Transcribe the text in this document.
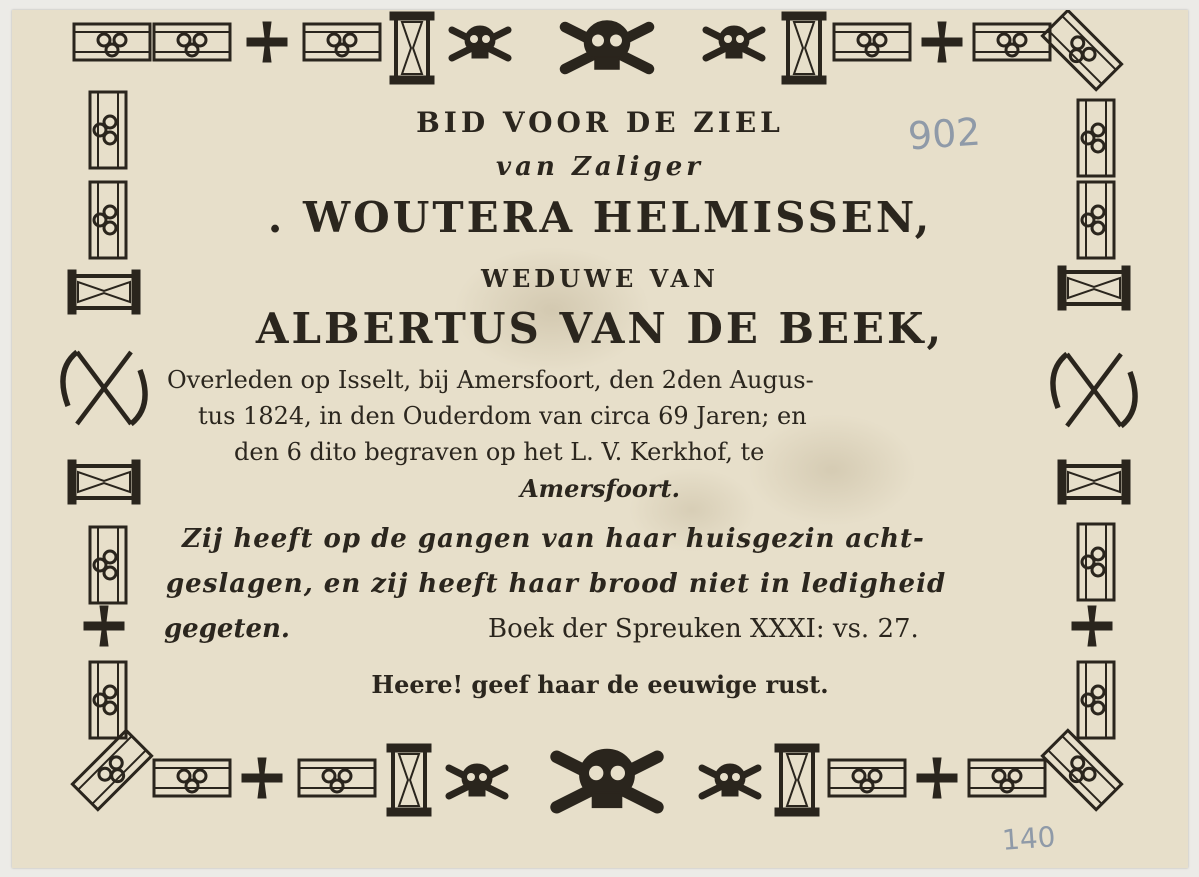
BID VOOR DE ZIEL
van Zaliger
. WOUTERA HELMISSEN,
WEDUWE VAN
ALBERTUS VAN DE BEEK,
Overleden op Isselt, bij Amersfoort, den 2den Augus-
tus 1824, in den Ouderdom van circa 69 Jaren; en
den 6 dito begraven op het L. V. Kerkhof, te
Amersfoort.
Zij heeft op de gangen van haar huisgezin acht-
geslagen, en zij heeft haar brood niet in ledigheid
gegeten.	Boek der Spreuken XXXI: vs. 27.
Heere! geef haar de eeuwige rust.
902
140
